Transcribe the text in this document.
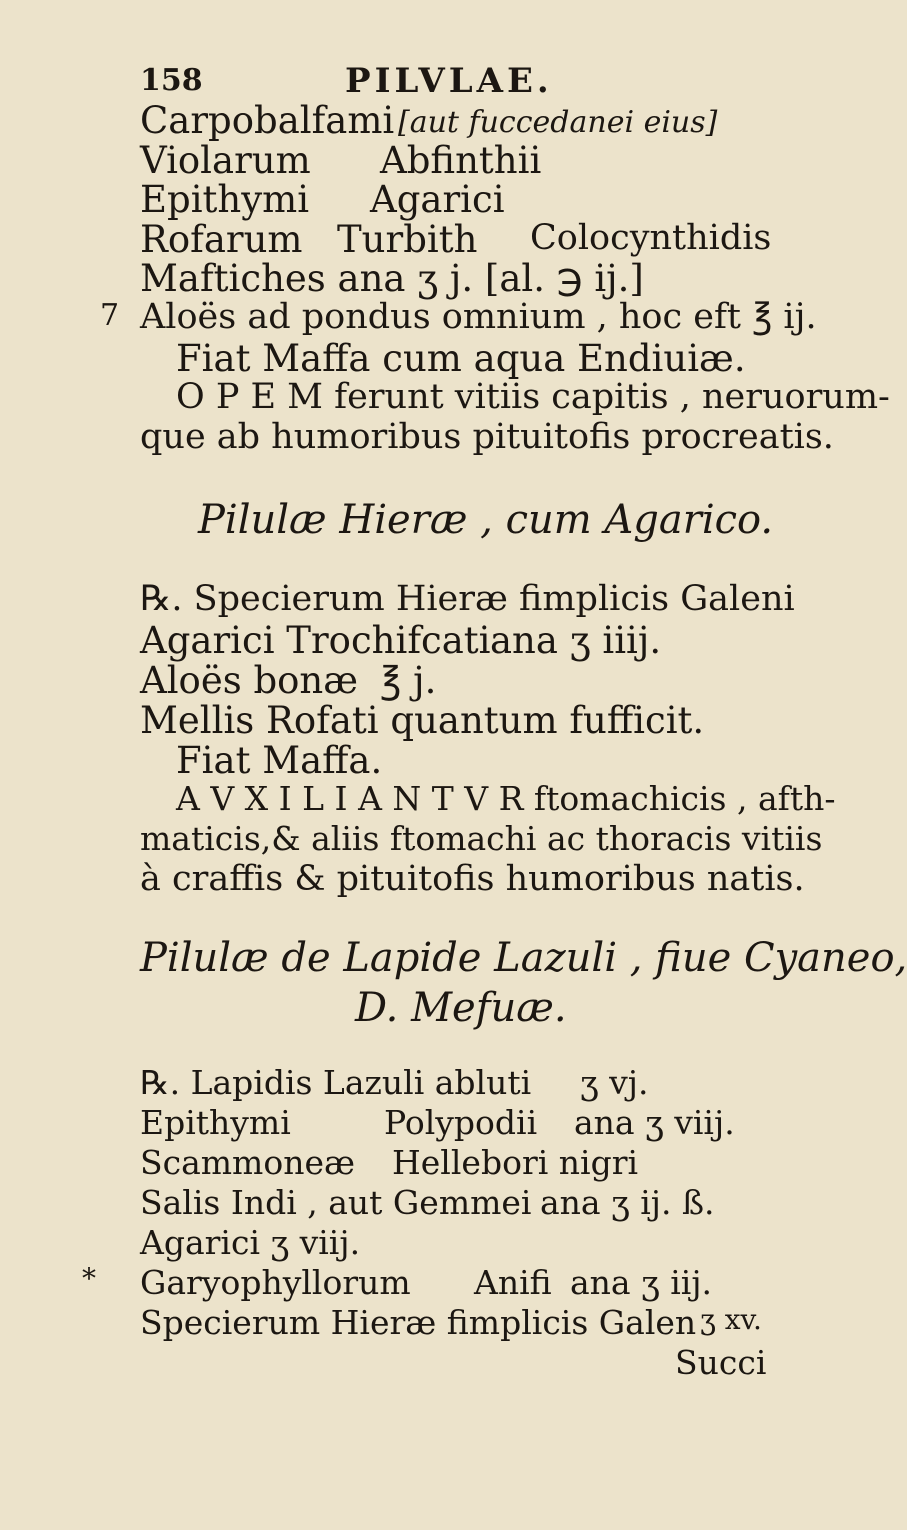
158	PILVLAE.
Carpobalfami [aut fuccedanei eius]
Violarum Abfinthii
Epithymi Agarici
Rofarum Turbith Colocynthidis
Maftiches ana ʒ j. [al. ℈ ij.]
7 Aloës ad pondus omnium , hoc eft ℥ ij.
Fiat Maffa cum aqua Endiuiæ.
O P E M ferunt vitiis capitis , neruorum-
que ab humoribus pituitofis procreatis.
Pilulæ Hieræ , cum Agarico.
℞. Specierum Hieræ fimplicis Galeni
Agarici Trochifcati ana ʒ iiij.
Aloës bonæ ℥ j.
Mellis Rofati quantum fufficit.
Fiat Maffa.
A V X I L I A N T V R ftomachicis , afth-
maticis,& aliis ftomachi ac thoracis vitiis
à craffis & pituitofis humoribus natis.
Pilulæ de Lapide Lazuli , fiue Cyaneo,
D. Mefuæ.
℞. Lapidis Lazuli abluti ʒ vj.
Epithymi	Polypodii ana ʒ viij.
Scammoneæ Hellebori nigri
Salis Indi , aut Gemmei ana ʒ ij. ß.
Agarici ʒ viij.
* Garyophyllorum Anifi ana ʒ iij.
Specierum Hieræ fimplicis Galen ʒ xv.
Succi
